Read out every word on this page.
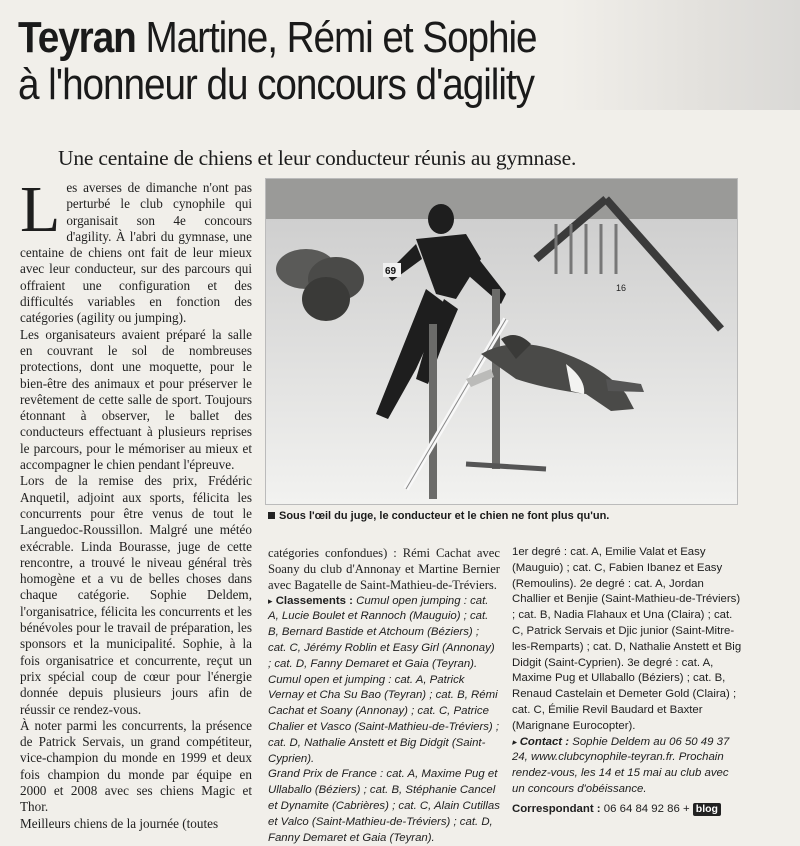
Teyran Martine, Rémi et Sophie
à l'honneur du concours d'agility
Une centaine de chiens et leur conducteur réunis au gymnase.
L es averses de dimanche n'ont pas perturbé le club cynophile qui organisait son 4e concours d'agility. À l'abri du gymnase, une centaine de chiens ont fait de leur mieux avec leur conducteur, sur des parcours qui offraient une configuration et des difficultés variables en fonction des catégories (agility ou jumping).

Les organisateurs avaient préparé la salle en couvrant le sol de nombreuses protections, dont une moquette, pour le bien-être des animaux et pour préserver le revêtement de cette salle de sport. Toujours étonnant à observer, le ballet des conducteurs effectuant à plusieurs reprises le parcours, pour le mémoriser au mieux et accompagner le chien pendant l'épreuve.

Lors de la remise des prix, Frédéric Anquetil, adjoint aux sports, félicita les concurrents pour être venus de tout le Languedoc-Roussillon. Malgré une météo exécrable. Linda Bourasse, juge de cette rencontre, a trouvé le niveau général très homogène et a vu de belles choses dans chaque catégorie. Sophie Deldem, l'organisatrice, félicita les concurrents et les bénévoles pour le travail de préparation, les sponsors et la municipalité. Sophie, à la fois organisatrice et concurrente, reçut un prix spécial coup de cœur pour l'énergie donnée depuis plusieurs jours afin de réussir ce rendez-vous.

À noter parmi les concurrents, la présence de Patrick Servais, un grand compétiteur, vice-champion du monde en 1999 et deux fois champion du monde par équipe en 2000 et 2008 avec ses chiens Magic et Thor.

Meilleurs chiens de la journée (toutes

16
69
Sous l'œil du juge, le conducteur et le chien ne font plus qu'un.

catégories confondues) : Rémi Cachat avec Soany du club d'Annonay et Martine Bernier avec Bagatelle de Saint-Mathieu-de-Tréviers.

▸ Classements : Cumul open jumping : cat. A, Lucie Boulet et Rannoch (Mauguio) ; cat. B, Bernard Bastide et Atchoum (Béziers) ; cat. C, Jérémy Roblin et Easy Girl (Annonay) ; cat. D, Fanny Demaret et Gaia (Teyran).

Cumul open et jumping : cat. A, Patrick Vernay et Cha Su Bao (Teyran) ; cat. B, Rémi Cachat et Soany (Annonay) ; cat. C, Patrice Chalier et Vasco (Saint-Mathieu-de-Tréviers) ; cat. D, Nathalie Anstett et Big Didgit (Saint-Cyprien).

Grand Prix de France : cat. A, Maxime Pug et Ullaballo (Béziers) ; cat. B, Stéphanie Cancel et Dynamite (Cabrières) ; cat. C, Alain Cutillas et Valco (Saint-Mathieu-de-Tréviers) ; cat. D, Fanny Demaret et Gaia (Teyran).

1er degré : cat. A, Emilie Valat et Easy (Mauguio) ; cat. C, Fabien Ibanez et Easy (Remoulins). 2e degré : cat. A, Jordan Challier et Benjie (Saint-Mathieu-de-Tréviers) ; cat. B, Nadia Flahaux et Una (Claira) ; cat. C, Patrick Servais et Djic junior (Saint-Mitre-les-Remparts) ; cat. D, Nathalie Anstett et Big Didgit (Saint-Cyprien). 3e degré : cat. A, Maxime Pug et Ullaballo (Béziers) ; cat. B, Renaud Castelain et Demeter Gold (Claira) ; cat. C, Émilie Revil Baudard et Baxter (Marignane Eurocopter).

▸ Contact : Sophie Deldem au 06 50 49 37 24, www.clubcynophile-teyran.fr. Prochain rendez-vous, les 14 et 15 mai au club avec un concours d'obéissance.

Correspondant : 06 64 84 92 86 + blog
